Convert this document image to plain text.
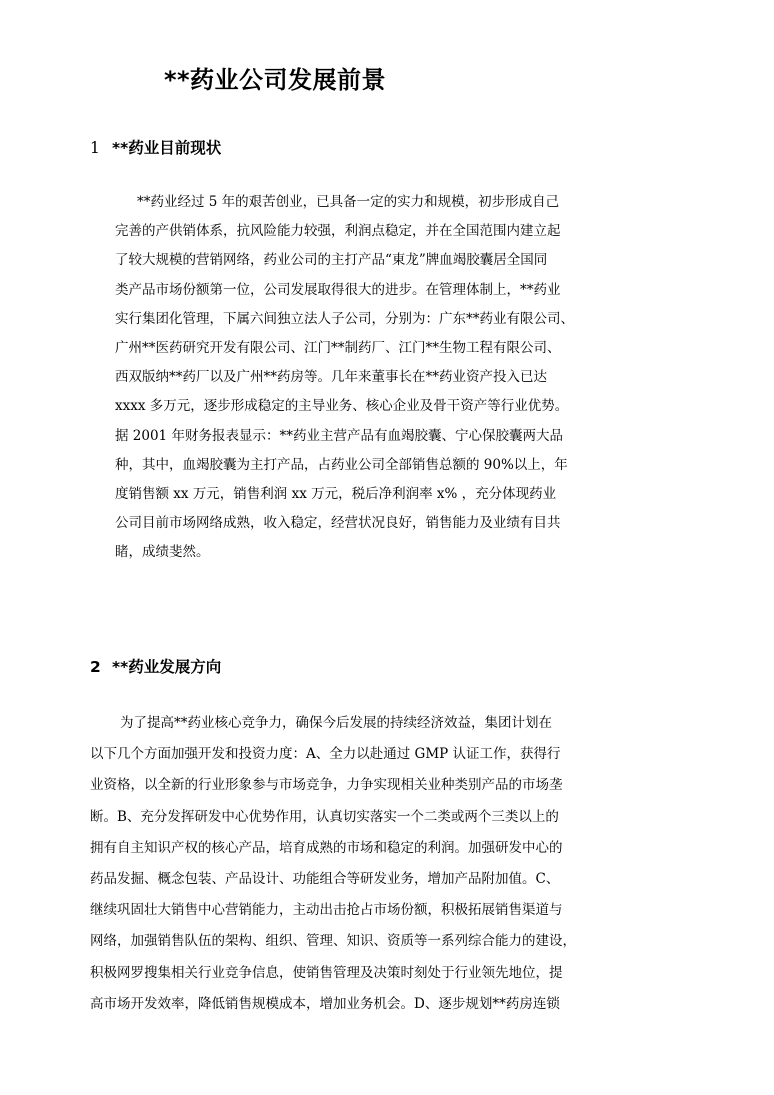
**药业公司发展前景
1 **药业目前现状
**药业经过 5 年的艰苦创业，已具备一定的实力和规模，初步形成自己
完善的产供销体系，抗风险能力较强，利润点稳定，并在全国范围内建立起
了较大规模的营销网络，药业公司的主打产品“東龙”牌血竭胶囊居全国同
类产品市场份额第一位，公司发展取得很大的进步。在管理体制上，**药业
实行集团化管理，下属六间独立法人子公司，分别为：广东**药业有限公司、
广州**医药研究开发有限公司、江门**制药厂、江门**生物工程有限公司、
西双版纳**药厂以及广州**药房等。几年来董事长在**药业资产投入已达
xxxx 多万元，逐步形成稳定的主导业务、核心企业及骨干资产等行业优势。
据 2001 年财务报表显示：**药业主营产品有血竭胶囊、宁心保胶囊两大品
种，其中，血竭胶囊为主打产品，占药业公司全部销售总额的 90%以上，年
度销售额 xx 万元，销售利润 xx 万元，税后净利润率 x% ，充分体现药业
公司目前市场网络成熟，收入稳定，经营状况良好，销售能力及业绩有目共
睹，成绩斐然。
2 **药业发展方向
为了提高**药业核心竞争力，确保今后发展的持续经济效益，集团计划在
以下几个方面加强开发和投资力度：A、全力以赴通过 GMP 认证工作，获得行
业资格，以全新的行业形象参与市场竞争，力争实现相关业种类别产品的市场垄
断。B、充分发挥研发中心优势作用，认真切实落实一个二类或两个三类以上的
拥有自主知识产权的核心产品，培育成熟的市场和稳定的利润。加强研发中心的
药品发掘、概念包装、产品设计、功能组合等研发业务，增加产品附加值。C、
继续巩固壮大销售中心营销能力，主动出击抢占市场份额，积极拓展销售渠道与
网络，加强销售队伍的架构、组织、管理、知识、资质等一系列综合能力的建设，
积极网罗搜集相关行业竞争信息，使销售管理及决策时刻处于行业领先地位，提
高市场开发效率，降低销售规模成本，增加业务机会。D、逐步规划**药房连锁
